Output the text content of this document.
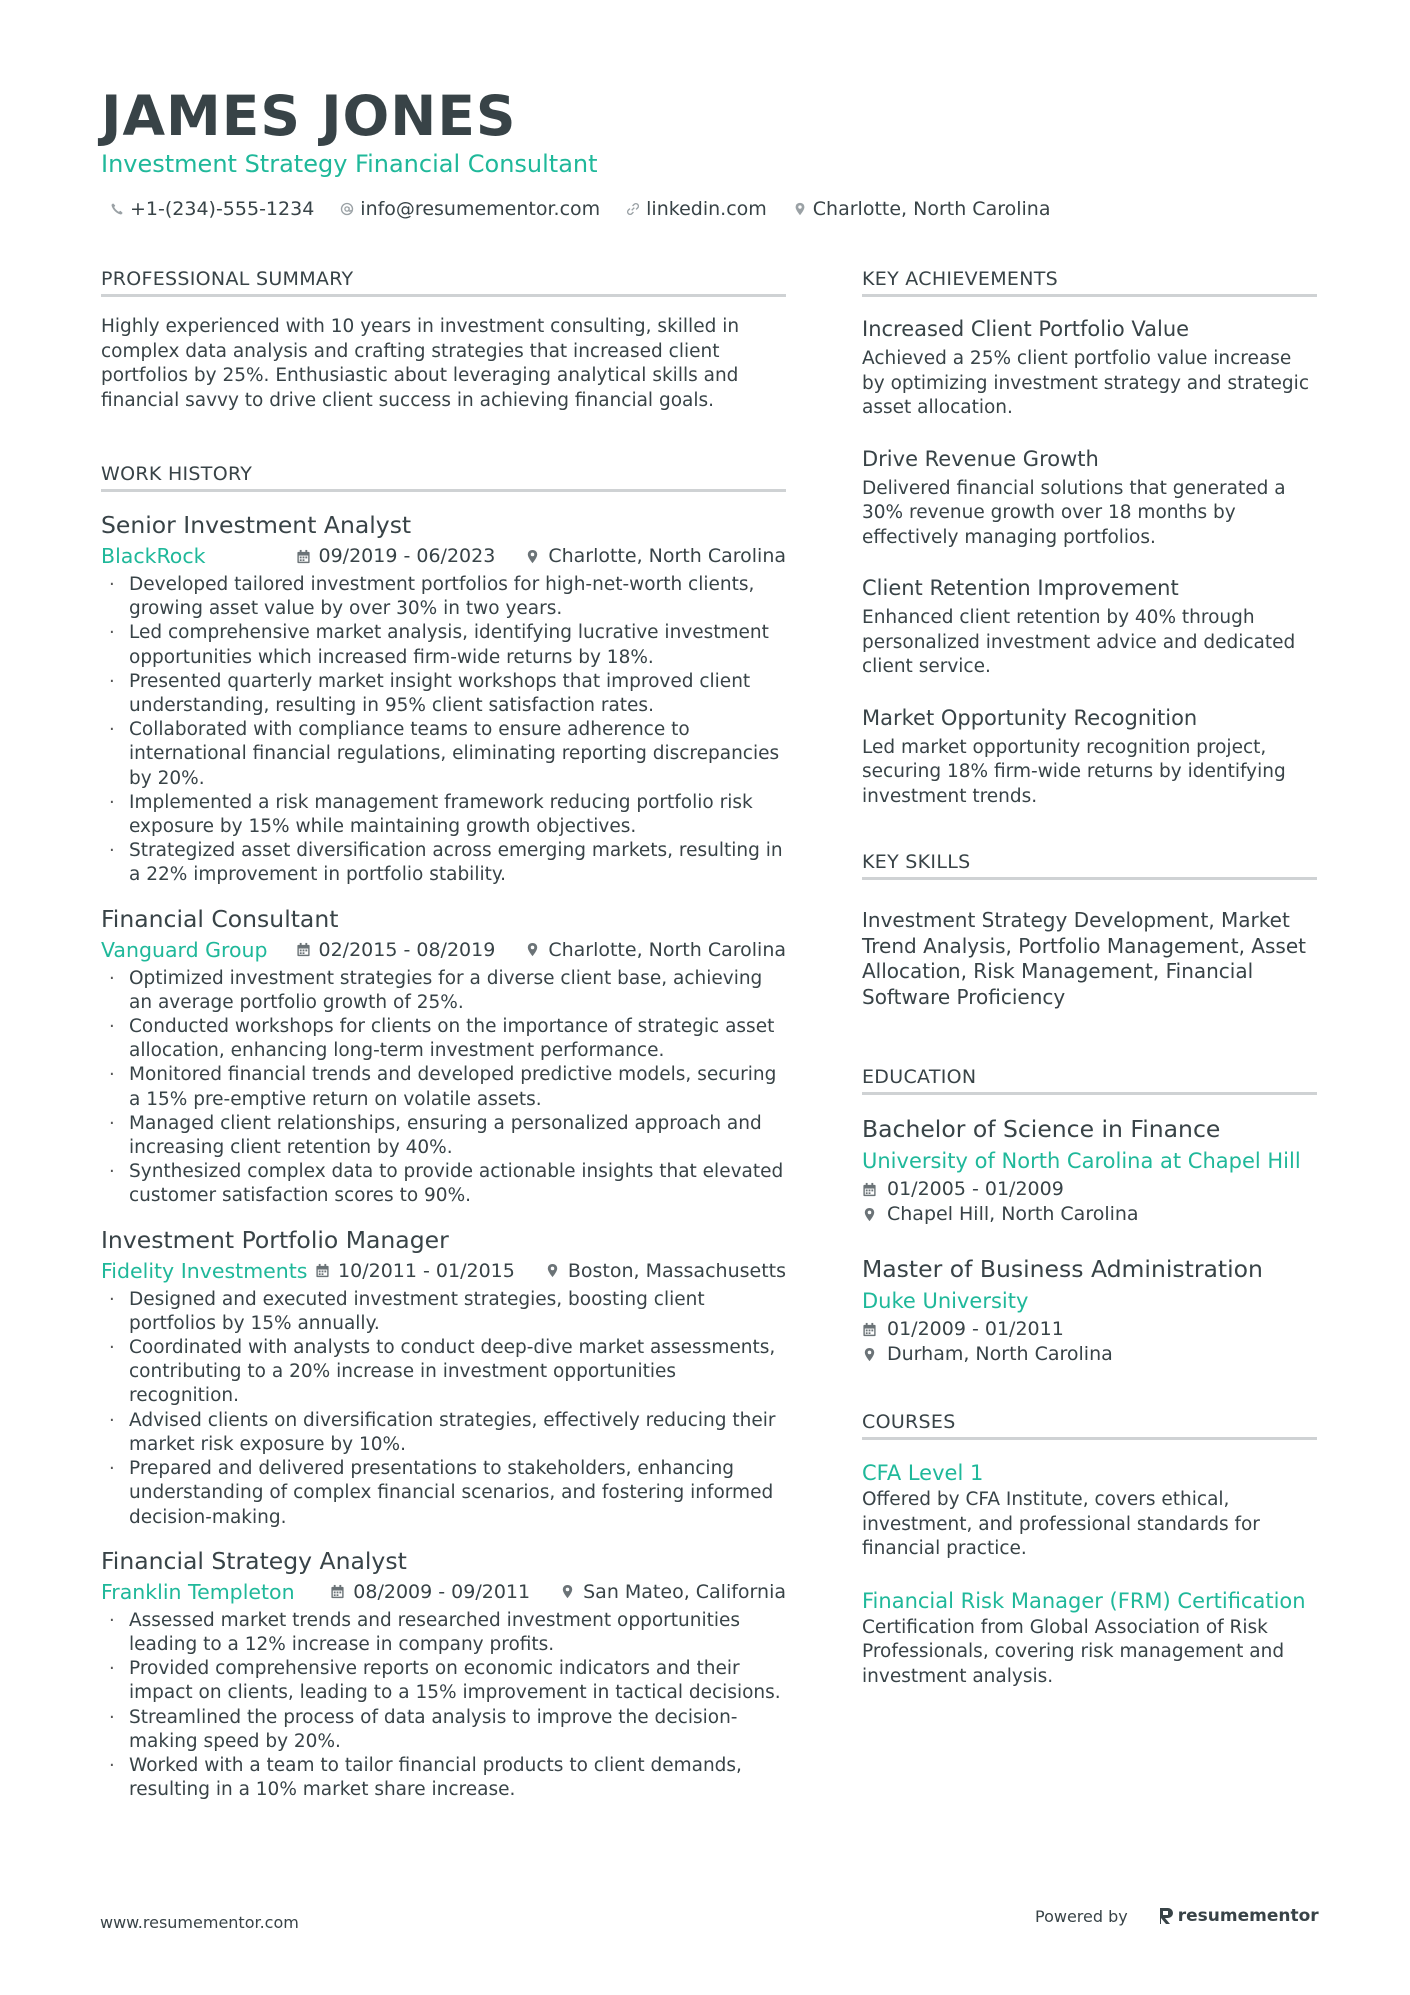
JAMES JONES
Investment Strategy Financial Consultant
+1-(234)-555-1234 info@resumementor.com linkedin.com Charlotte, North Carolina
PROFESSIONAL SUMMARY
Highly experienced with 10 years in investment consulting, skilled in complex data analysis and crafting strategies that increased client portfolios by 25%. Enthusiastic about leveraging analytical skills and financial savvy to drive client success in achieving financial goals.
WORK HISTORY
Senior Investment Analyst
BlackRock	09/2019 - 06/2023	Charlotte, North Carolina
· Developed tailored investment portfolios for high-net-worth clients, growing asset value by over 30% in two years.
· Led comprehensive market analysis, identifying lucrative investment opportunities which increased firm-wide returns by 18%.
· Presented quarterly market insight workshops that improved client understanding, resulting in 95% client satisfaction rates.
· Collaborated with compliance teams to ensure adherence to international financial regulations, eliminating reporting discrepancies by 20%.
· Implemented a risk management framework reducing portfolio risk exposure by 15% while maintaining growth objectives.
· Strategized asset diversification across emerging markets, resulting in a 22% improvement in portfolio stability.
Financial Consultant
Vanguard Group	02/2015 - 08/2019	Charlotte, North Carolina
· Optimized investment strategies for a diverse client base, achieving an average portfolio growth of 25%.
· Conducted workshops for clients on the importance of strategic asset allocation, enhancing long-term investment performance.
· Monitored financial trends and developed predictive models, securing a 15% pre-emptive return on volatile assets.
· Managed client relationships, ensuring a personalized approach and increasing client retention by 40%.
· Synthesized complex data to provide actionable insights that elevated customer satisfaction scores to 90%.
Investment Portfolio Manager
Fidelity Investments 10/2011 - 01/2015	Boston, Massachusetts
· Designed and executed investment strategies, boosting client portfolios by 15% annually.
· Coordinated with analysts to conduct deep-dive market assessments, contributing to a 20% increase in investment opportunities recognition.
· Advised clients on diversification strategies, effectively reducing their market risk exposure by 10%.
· Prepared and delivered presentations to stakeholders, enhancing understanding of complex financial scenarios, and fostering informed decision-making.
Financial Strategy Analyst
Franklin Templeton	08/2009 - 09/2011	San Mateo, California
· Assessed market trends and researched investment opportunities leading to a 12% increase in company profits.
· Provided comprehensive reports on economic indicators and their impact on clients, leading to a 15% improvement in tactical decisions.
· Streamlined the process of data analysis to improve the decision-making speed by 20%.
· Worked with a team to tailor financial products to client demands, resulting in a 10% market share increase.
KEY ACHIEVEMENTS
Increased Client Portfolio Value
Achieved a 25% client portfolio value increase by optimizing investment strategy and strategic asset allocation.
Drive Revenue Growth
Delivered financial solutions that generated a 30% revenue growth over 18 months by effectively managing portfolios.
Client Retention Improvement
Enhanced client retention by 40% through personalized investment advice and dedicated client service.
Market Opportunity Recognition
Led market opportunity recognition project, securing 18% firm-wide returns by identifying investment trends.
KEY SKILLS
Investment Strategy Development, Market Trend Analysis, Portfolio Management, Asset Allocation, Risk Management, Financial Software Proficiency
EDUCATION
Bachelor of Science in Finance
University of North Carolina at Chapel Hill
01/2005 - 01/2009
Chapel Hill, North Carolina
Master of Business Administration
Duke University
01/2009 - 01/2011
Durham, North Carolina
COURSES
CFA Level 1
Offered by CFA Institute, covers ethical, investment, and professional standards for financial practice.
Financial Risk Manager (FRM) Certification
Certification from Global Association of Risk Professionals, covering risk management and investment analysis.
www.resumementor.com	Powered by	resumementor
